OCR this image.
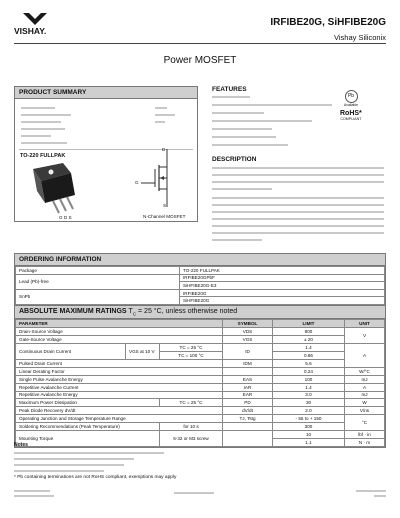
VISHAY.
IRFIBE20G, SiHFIBE20G
Vishay Siliconix
Power MOSFET
PRODUCT SUMMARY
TO-220 FULLPAK
G D S
D
G
S
N-Channel MOSFET
FEATURES
Pb
Available
RoHS*
COMPLIANT
DESCRIPTION
ORDERING INFORMATION
Package	TO-220 FULLPAK
Lead (Pb)-free	IRFIBE20GPbF
	SiHFIBE20G-E3
SnPb	IRFIBE20G
	SiHFIBE20G
ABSOLUTE MAXIMUM RATINGS $T_C = 25$ °C, unless otherwise noted
PARAMETER			SYMBOL	LIMIT	UNIT
Drain-Source Voltage			VDS	800	V
Gate-Source Voltage			VGS	± 20	
Continuous Drain Current	VGS at 10 V	TC = 25 °C	ID	1.4	A
		TC = 100 °C		0.86	
Pulsed Drain Current			IDM	5.6	
Linear Derating Factor				0.24	W/°C
Single Pulse Avalanche Energy			EAS	100	mJ
Repetitive Avalanche Current			IAR	1.4	A
Repetitive Avalanche Energy			EAR	3.0	mJ
Maximum Power Dissipation		TC = 25 °C	PD	30	W
Peak Diode Recovery dV/dt			dV/dt	2.0	V/ns
Operating Junction and Storage Temperature Range			TJ, Tstg	- 55 to + 150	°C
Soldering Recommendations (Peak Temperature)		for 10 s		300	
Mounting Torque		6-32 or M3 screw		10	lbf · in
				1.1	N · m
Notes
* Pb containing terminations are not RoHS compliant, exemptions may apply
